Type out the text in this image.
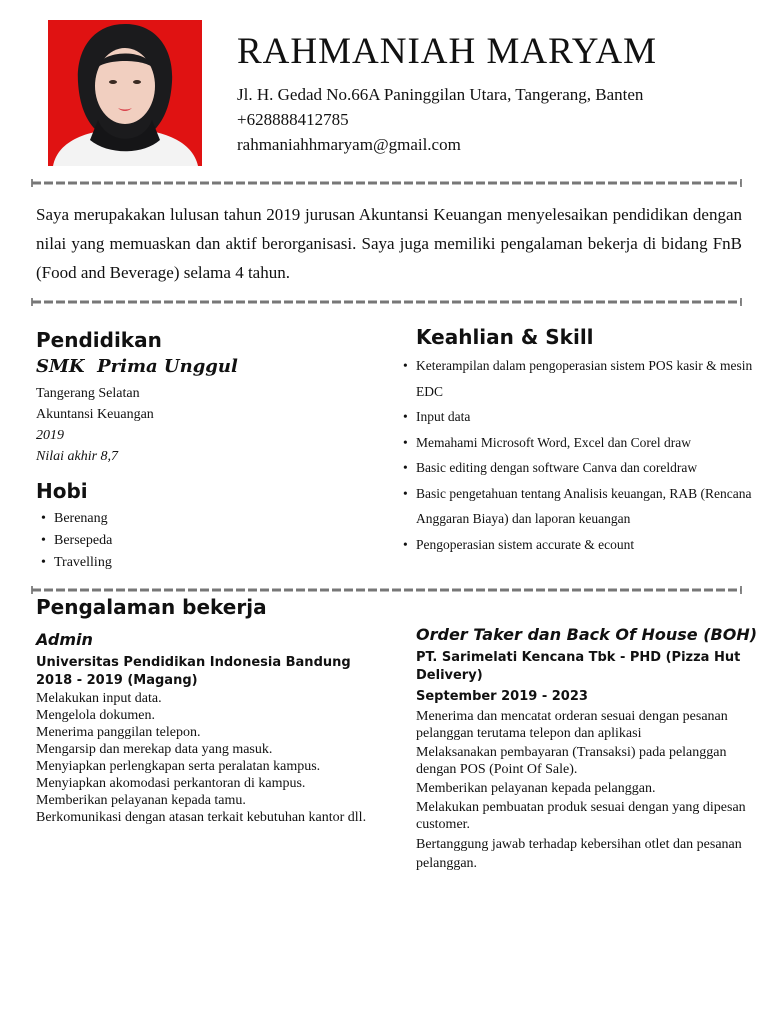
RAHMANIAH MARYAM
Jl. H. Gedad No.66A Paninggilan Utara, Tangerang, Banten
+628888412785
rahmaniahhmaryam@gmail.com
Saya merupakakan lulusan tahun 2019 jurusan Akuntansi Keuangan menyelesaikan pendidikan dengan nilai yang memuaskan dan aktif berorganisasi. Saya juga memiliki pengalaman bekerja di bidang FnB (Food and Beverage) selama 4 tahun.
Pendidikan
SMK  Prima Unggul
Tangerang Selatan
Akuntansi Keuangan
2019
Nilai akhir 8,7
Hobi
• Berenang
• Bersepeda
• Travelling
Keahlian & Skill
• Keterampilan dalam pengoperasian sistem POS kasir & mesin EDC
• Input data
• Memahami Microsoft Word, Excel dan Corel draw
• Basic editing dengan software Canva dan coreldraw
• Basic pengetahuan tentang Analisis keuangan, RAB (Rencana Anggaran Biaya) dan laporan keuangan
• Pengoperasian sistem accurate & ecount
Pengalaman bekerja
Admin
Universitas Pendidikan Indonesia Bandung
2018 - 2019 (Magang)
Melakukan input data.
Mengelola dokumen.
Menerima panggilan telepon.
Mengarsip dan merekap data yang masuk.
Menyiapkan perlengkapan serta peralatan kampus.
Menyiapkan akomodasi perkantoran di kampus.
Memberikan pelayanan kepada tamu.
Berkomunikasi dengan atasan terkait kebutuhan kantor dll.
Order Taker dan Back Of House (BOH)
PT. Sarimelati Kencana Tbk - PHD (Pizza Hut Delivery)
September 2019 - 2023
Menerima dan mencatat orderan sesuai dengan pesanan pelanggan terutama telepon dan aplikasi
Melaksanakan pembayaran (Transaksi) pada pelanggan dengan POS (Point Of Sale).
Memberikan pelayanan kepada pelanggan.
Melakukan pembuatan produk sesuai dengan yang dipesan customer.
Bertanggung jawab terhadap kebersihan otlet dan pesanan pelanggan.
